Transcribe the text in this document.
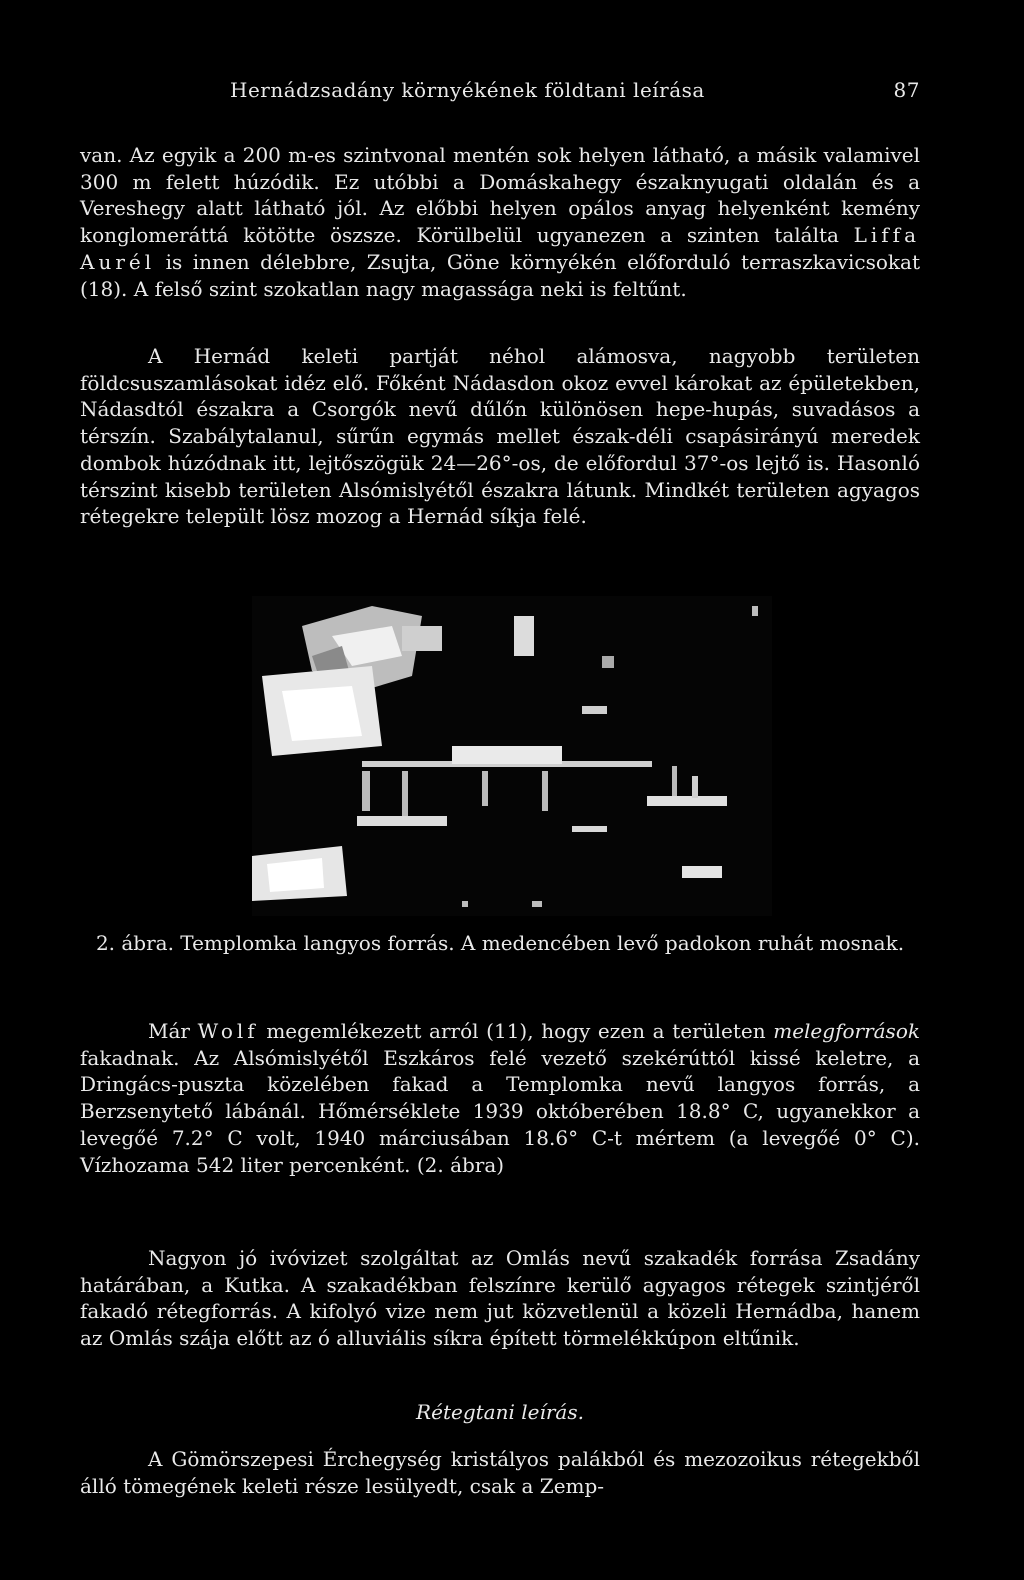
Hernádzsadány környékének földtani leírása	87

van. Az egyik a 200 m-es szintvonal mentén sok helyen látható, a másik valamivel 300 m felett húzódik. Ez utóbbi a Domáskahegy északnyugati oldalán és a Vereshegy alatt látható jól. Az előbbi helyen opálos anyag helyenként kemény konglomeráttá kötötte öszsze. Körülbelül ugyanezen a szinten találta Liffa Aurél is innen délebbre, Zsujta, Göne környékén előforduló terraszkavicsokat (18). A felső szint szokatlan nagy magassága neki is feltűnt.

A Hernád keleti partját néhol alámosva, nagyobb területen földcsuszamlásokat idéz elő. Főként Nádasdon okoz evvel károkat az épületekben, Nádasdtól északra a Csorgók nevű dűlőn különösen hepe-hupás, suvadásos a térszín. Szabálytalanul, sűrűn egymás mellet észak-déli csapásirányú meredek dombok húzódnak itt, lejtőszögük 24—26°-os, de előfordul 37°-os lejtő is. Hasonló térszint kisebb területen Alsómislyétől északra látunk. Mindkét területen agyagos rétegekre települt lösz mozog a Hernád síkja felé.

2. ábra. Templomka langyos forrás. A medencében levő padokon ruhát mosnak.

Már Wolf megemlékezett arról (11), hogy ezen a területen melegforrások fakadnak. Az Alsómislyétől Eszkáros felé vezető szekérúttól kissé keletre, a Dringács-puszta közelében fakad a Templomka nevű langyos forrás, a Berzsenytető lábánál. Hőmérséklete 1939 októberében 18.8° C, ugyanekkor a levegőé 7.2° C volt, 1940 márciusában 18.6° C-t mértem (a levegőé 0° C). Vízhozama 542 liter percenként. (2. ábra)

Nagyon jó ivóvizet szolgáltat az Omlás nevű szakadék forrása Zsadány határában, a Kutka. A szakadékban felszínre kerülő agyagos rétegek szintjéről fakadó rétegforrás. A kifolyó vize nem jut közvetlenül a közeli Hernádba, hanem az Omlás szája előtt az ó alluviális síkra épített törmelékkúpon eltűnik.

Rétegtani leírás.

A Gömörszepesi Érchegység kristályos palákból és mezozoikus rétegekből álló tömegének keleti része lesülyedt, csak a Zemp-
